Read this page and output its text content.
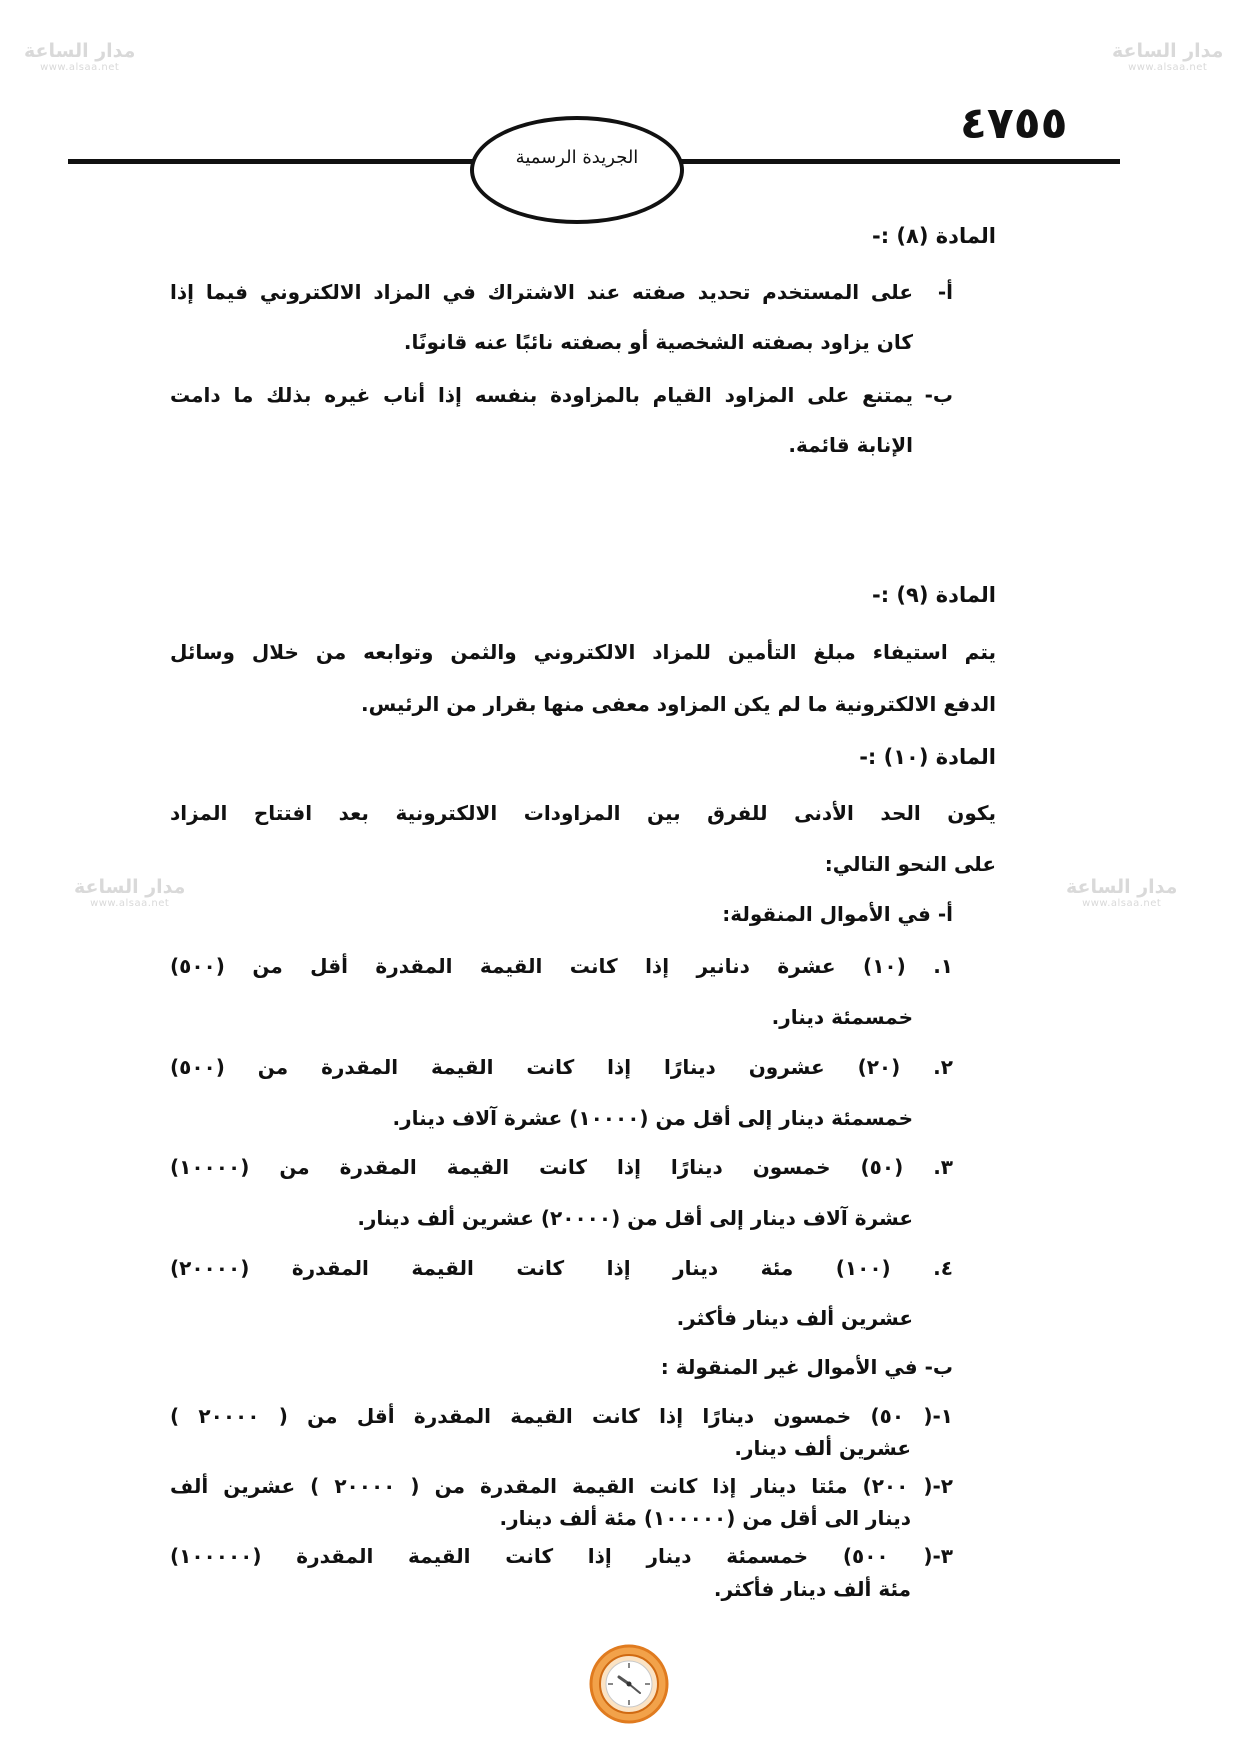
مدار الساعة
www.alsaa.net
مدار الساعة
www.alsaa.net
مدار الساعة
www.alsaa.net
مدار الساعة
www.alsaa.net
٤٧٥٥
الجريدة الرسمية
المادة (٨) :-
أ-
على المستخدم تحديد صفته عند الاشتراك في المزاد الالكتروني فيما إذا
كان يزاود بصفته الشخصية أو بصفته نائبًا عنه قانونًا.
ب-
يمتنع على المزاود القيام بالمزاودة بنفسه إذا أناب غيره بذلك ما دامت
الإنابة قائمة.
المادة (٩) :-
يتم استيفاء مبلغ التأمين للمزاد الالكتروني والثمن وتوابعه من خلال وسائل
الدفع الالكترونية ما لم يكن المزاود معفى منها بقرار من الرئيس.
المادة (١٠) :-
يكون الحد الأدنى للفرق بين المزاودات الالكترونية بعد افتتاح المزاد
على النحو التالي:
أ- في الأموال المنقولة:
١. (١٠) عشرة دنانير إذا كانت القيمة المقدرة أقل من (٥٠٠)
خمسمئة دينار.
٢. (٢٠) عشرون دينارًا إذا كانت القيمة المقدرة من (٥٠٠)
خمسمئة دينار إلى أقل من (١٠٠٠٠) عشرة آلاف دينار.
٣. (٥٠) خمسون دينارًا إذا كانت القيمة المقدرة من (١٠٠٠٠)
عشرة آلاف دينار إلى أقل من (٢٠٠٠٠) عشرين ألف دينار.
٤. (١٠٠) مئة دينار إذا كانت القيمة المقدرة (٢٠٠٠٠)
عشرين ألف دينار فأكثر.
ب- في الأموال غير المنقولة :
١-( ٥٠) خمسون دينارًا إذا كانت القيمة المقدرة أقل من ( ٢٠٠٠٠ )
عشرين ألف دينار.
٢-( ٢٠٠) مئتا دينار إذا كانت القيمة المقدرة من ( ٢٠٠٠٠ ) عشرين ألف
دينار الى أقل من (١٠٠٠٠٠) مئة ألف دينار.
٣-( ٥٠٠) خمسمئة دينار إذا كانت القيمة المقدرة (١٠٠٠٠٠)
مئة ألف دينار فأكثر.
